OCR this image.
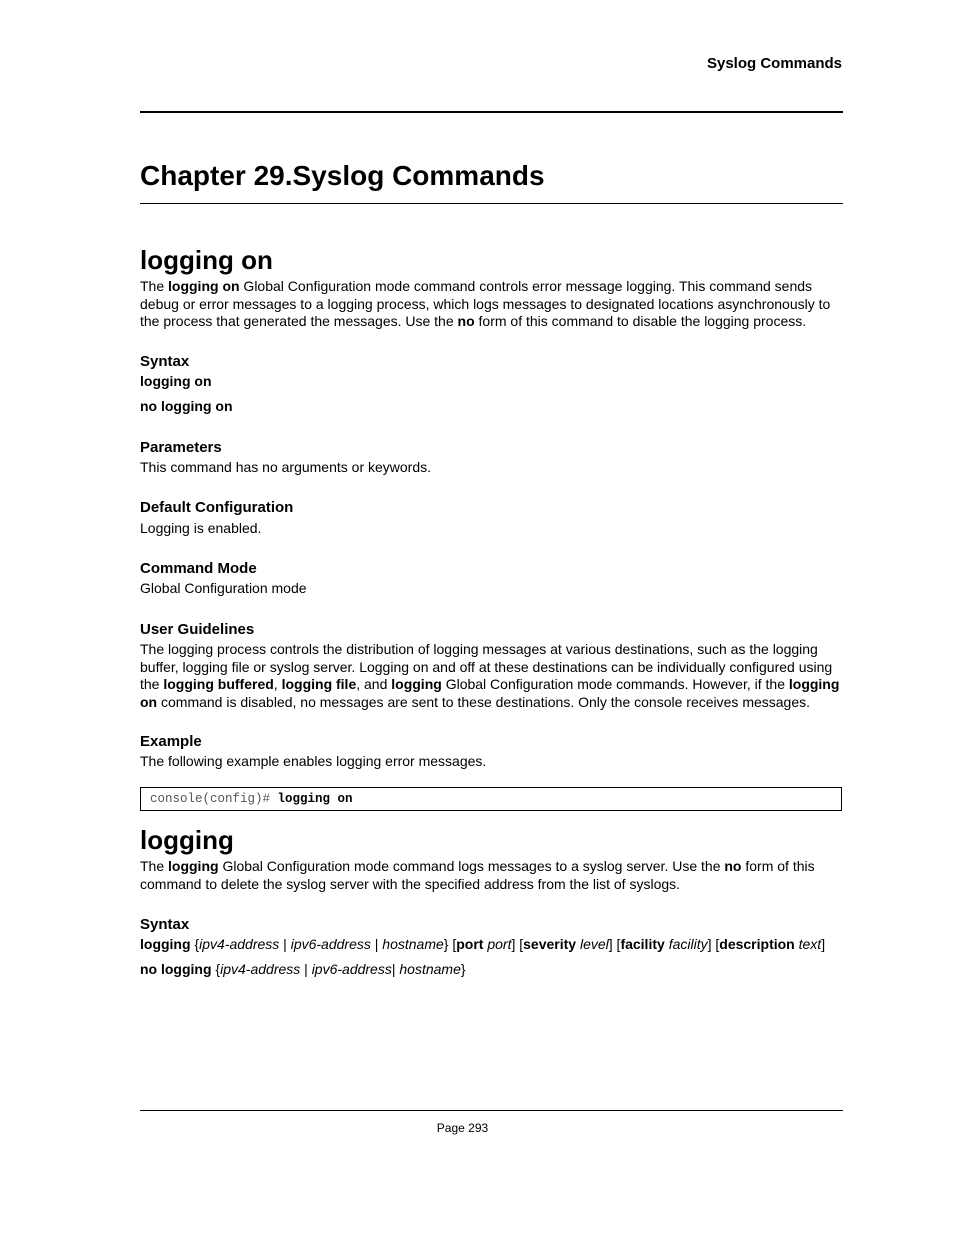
Syslog Commands
Chapter 29.Syslog Commands
logging on

The logging on Global Configuration mode command controls error message logging. This command sends debug or error messages to a logging process, which logs messages to designated locations asynchronously to the process that generated the messages. Use the no form of this command to disable the logging process.

Syntax

logging on

no logging on

Parameters

This command has no arguments or keywords.

Default Configuration

Logging is enabled.

Command Mode

Global Configuration mode

User Guidelines

The logging process controls the distribution of logging messages at various destinations, such as the logging buffer, logging file or syslog server. Logging on and off at these destinations can be individually configured using the logging buffered, logging file, and logging Global Configuration mode commands. However, if the logging on command is disabled, no messages are sent to these destinations. Only the console receives messages.

Example

The following example enables logging error messages.

console(config)# logging on
logging

The logging Global Configuration mode command logs messages to a syslog server. Use the no form of this command to delete the syslog server with the specified address from the list of syslogs.

Syntax

logging {ipv4-address | ipv6-address | hostname} [port port] [severity level] [facility facility] [description text]

no logging {ipv4-address | ipv6-address| hostname}

Page 293
